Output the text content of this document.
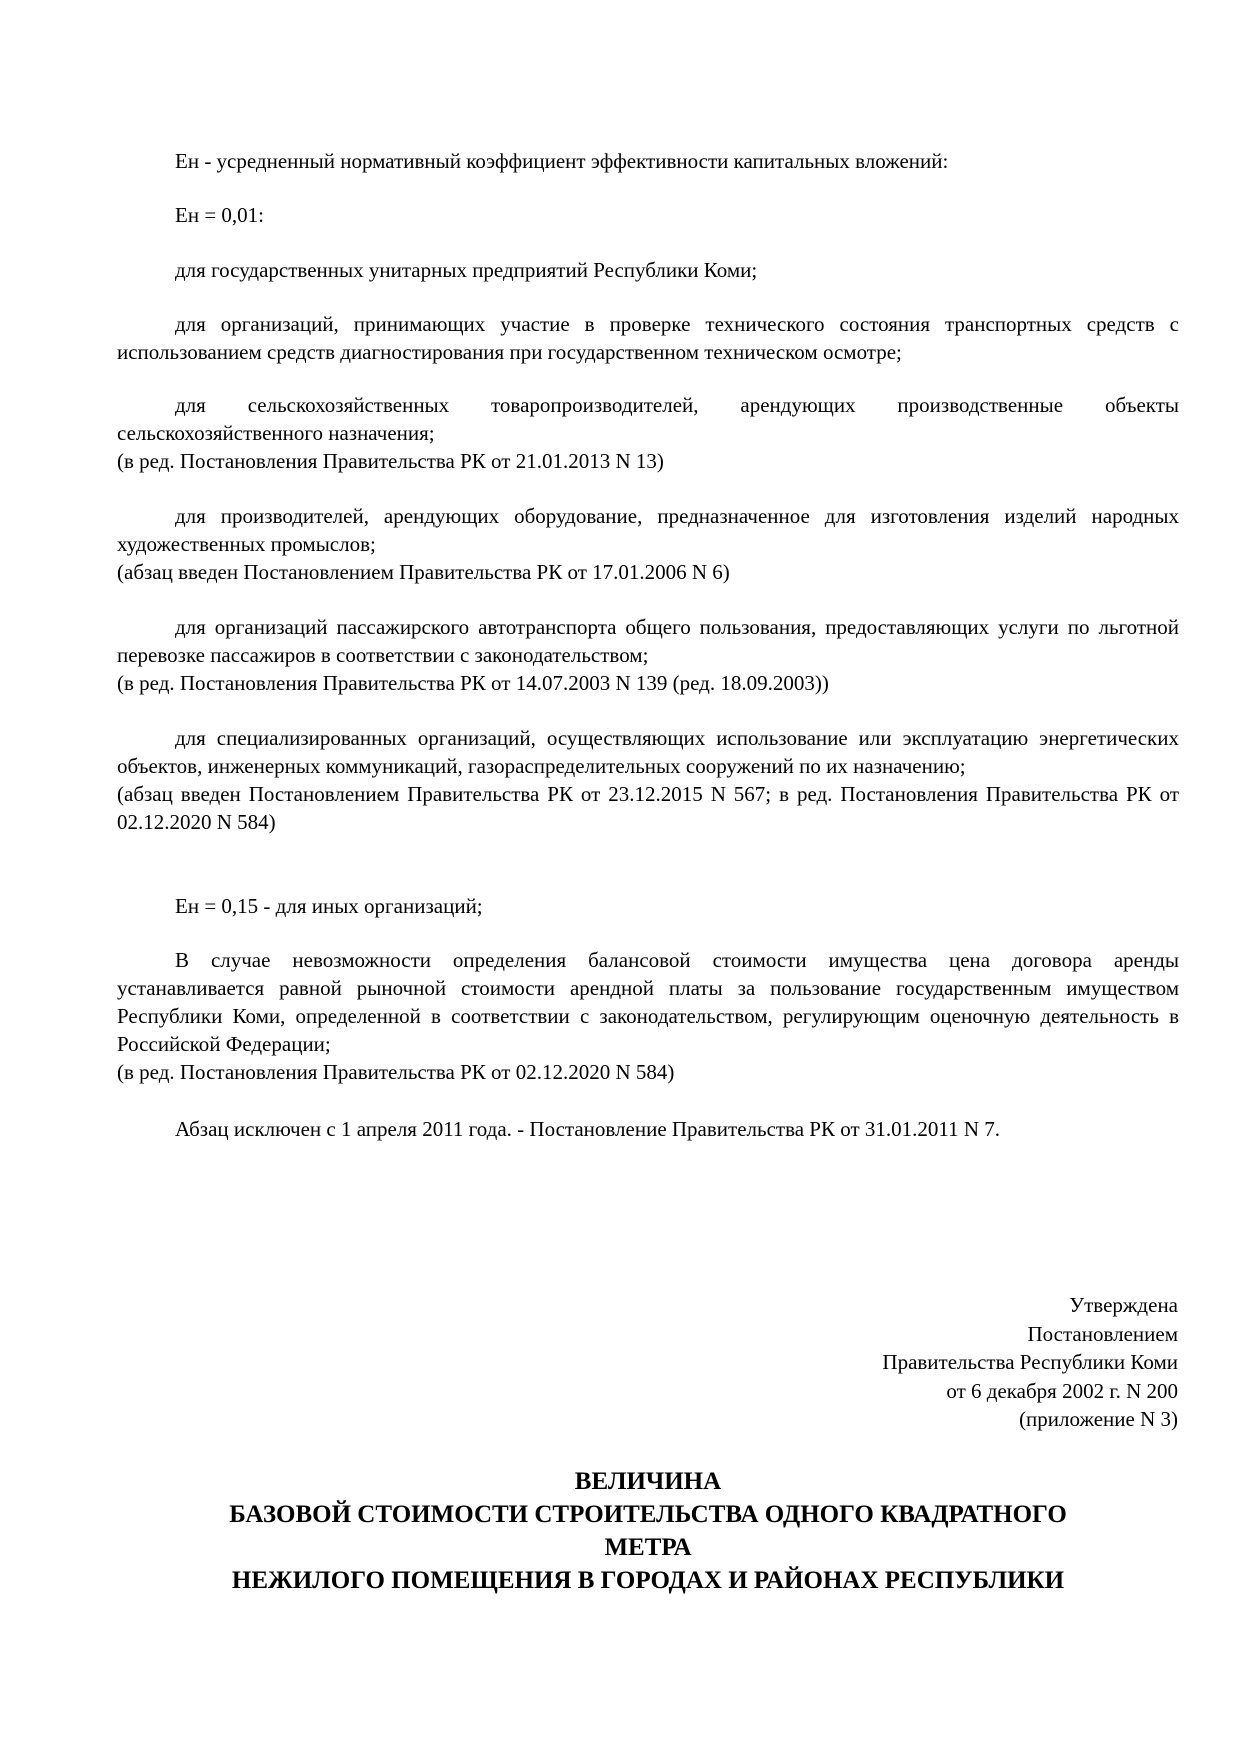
Ен - усредненный нормативный коэффициент эффективности капитальных вложений:
Ен = 0,01:
для государственных унитарных предприятий Республики Коми;
для организаций, принимающих участие в проверке технического состояния транспортных средств с использованием средств диагностирования при государственном техническом осмотре;
для сельскохозяйственных товаропроизводителей, арендующих производственные объекты сельскохозяйственного назначения;
(в ред. Постановления Правительства РК от 21.01.2013 N 13)
для производителей, арендующих оборудование, предназначенное для изготовления изделий народных художественных промыслов;
(абзац введен Постановлением Правительства РК от 17.01.2006 N 6)
для организаций пассажирского автотранспорта общего пользования, предоставляющих услуги по льготной перевозке пассажиров в соответствии с законодательством;
(в ред. Постановления Правительства РК от 14.07.2003 N 139 (ред. 18.09.2003))
для специализированных организаций, осуществляющих использование или эксплуатацию энергетических объектов, инженерных коммуникаций, газораспределительных сооружений по их назначению;
(абзац введен Постановлением Правительства РК от 23.12.2015 N 567; в ред. Постановления Правительства РК от 02.12.2020 N 584)
Ен = 0,15 - для иных организаций;
В случае невозможности определения балансовой стоимости имущества цена договора аренды устанавливается равной рыночной стоимости арендной платы за пользование государственным имуществом Республики Коми, определенной в соответствии с законодательством, регулирующим оценочную деятельность в Российской Федерации;
(в ред. Постановления Правительства РК от 02.12.2020 N 584)
Абзац исключен с 1 апреля 2011 года. - Постановление Правительства РК от 31.01.2011 N 7.
Утверждена
Постановлением
Правительства Республики Коми
от 6 декабря 2002 г. N 200
(приложение N 3)
ВЕЛИЧИНА
БАЗОВОЙ СТОИМОСТИ СТРОИТЕЛЬСТВА ОДНОГО КВАДРАТНОГО
МЕТРА
НЕЖИЛОГО ПОМЕЩЕНИЯ В ГОРОДАХ И РАЙОНАХ РЕСПУБЛИКИ
